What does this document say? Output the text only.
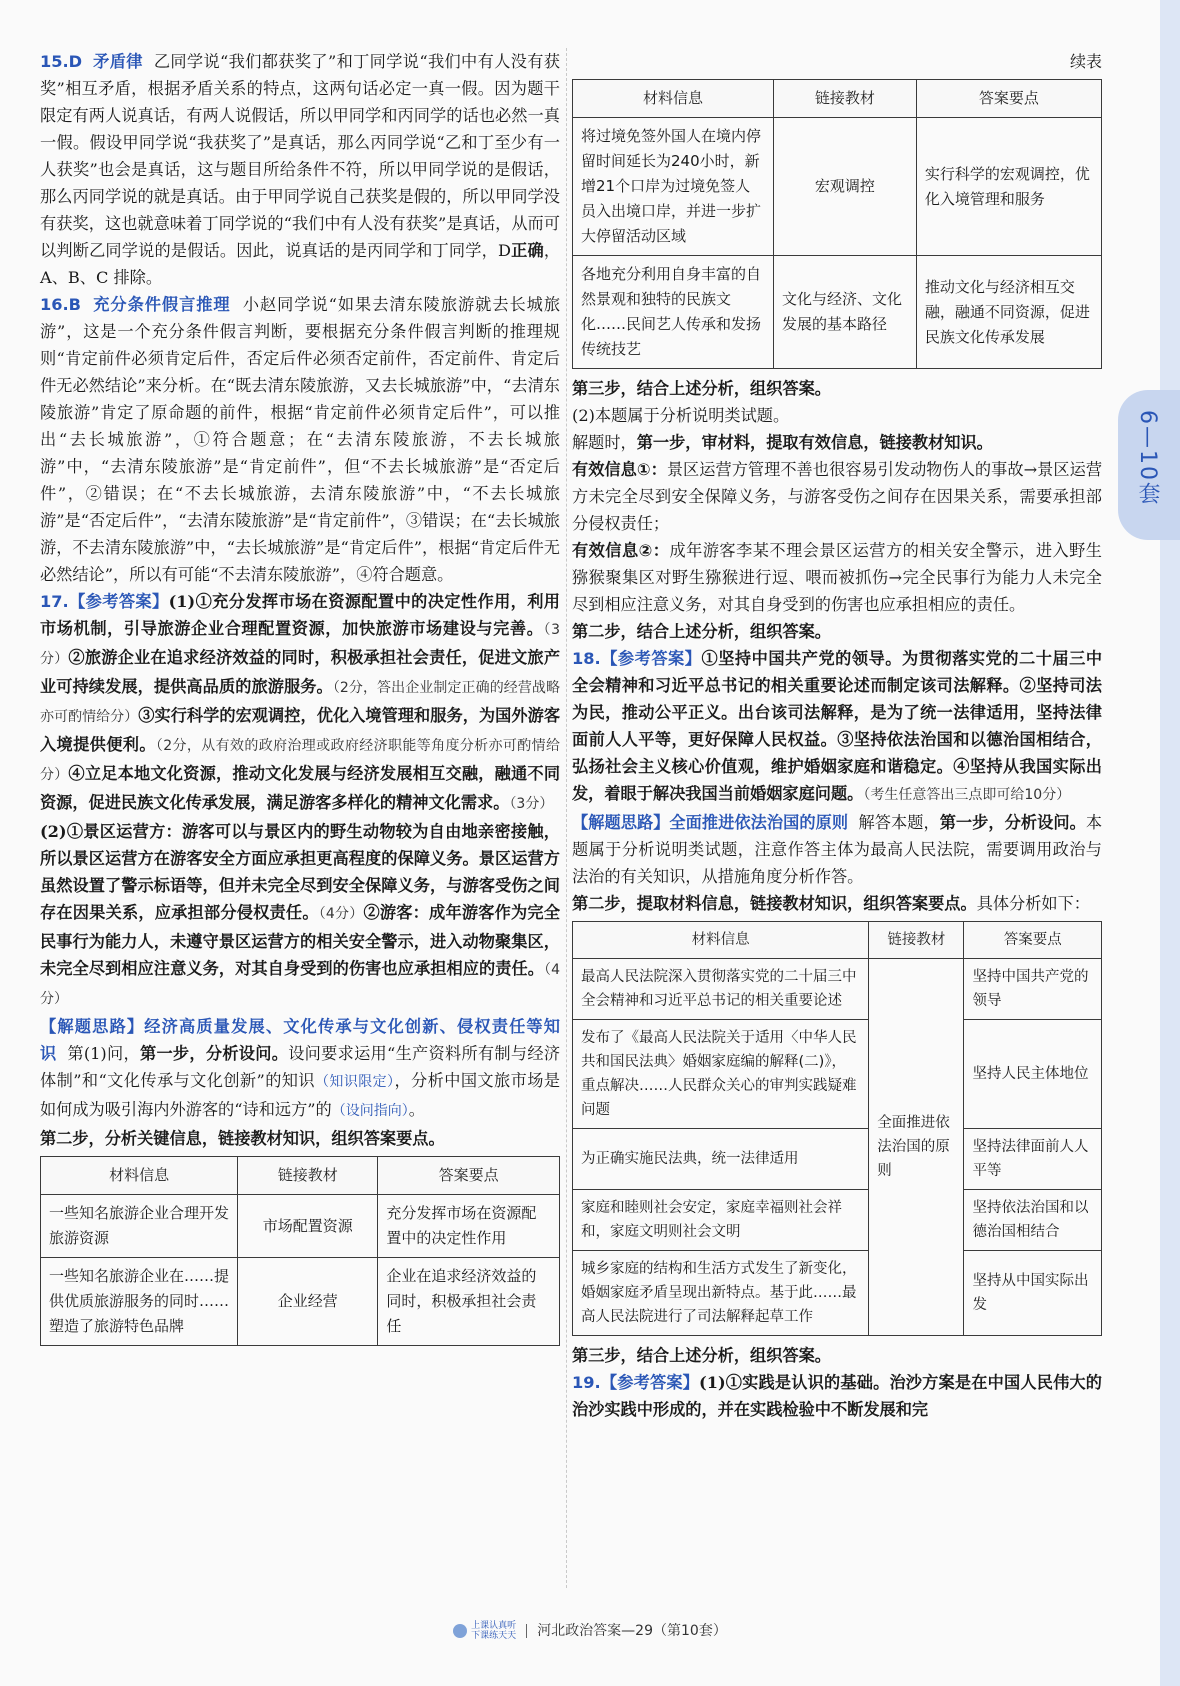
6—10套

15.D 矛盾律 乙同学说“我们都获奖了”和丁同学说“我们中有人没有获奖”相互矛盾，根据矛盾关系的特点，这两句话必定一真一假。因为题干限定有两人说真话，有两人说假话，所以甲同学和丙同学的话也必然一真一假。假设甲同学说“我获奖了”是真话，那么丙同学说“乙和丁至少有一人获奖”也会是真话，这与题目所给条件不符，所以甲同学说的是假话，那么丙同学说的就是真话。由于甲同学说自己获奖是假的，所以甲同学没有获奖，这也就意味着丁同学说的“我们中有人没有获奖”是真话，从而可以判断乙同学说的是假话。因此，说真话的是丙同学和丁同学，D正确，A、B、C 排除。

16.B 充分条件假言推理 小赵同学说“如果去清东陵旅游就去长城旅游”，这是一个充分条件假言判断，要根据充分条件假言判断的推理规则“肯定前件必须肯定后件，否定后件必须否定前件，否定前件、肯定后件无必然结论”来分析。在“既去清东陵旅游，又去长城旅游”中，“去清东陵旅游”肯定了原命题的前件，根据“肯定前件必须肯定后件”，可以推出“去长城旅游”，①符合题意；在“去清东陵旅游，不去长城旅游”中，“去清东陵旅游”是“肯定前件”，但“不去长城旅游”是“否定后件”，②错误；在“不去长城旅游，去清东陵旅游”中，“不去长城旅游”是“否定后件”，“去清东陵旅游”是“肯定前件”，③错误；在“去长城旅游，不去清东陵旅游”中，“去长城旅游”是“肯定后件”，根据“肯定后件无必然结论”，所以有可能“不去清东陵旅游”，④符合题意。

17.【参考答案】(1)①充分发挥市场在资源配置中的决定性作用，利用市场机制，引导旅游企业合理配置资源，加快旅游市场建设与完善。（3分）②旅游企业在追求经济效益的同时，积极承担社会责任，促进文旅产业可持续发展，提供高品质的旅游服务。（2分，答出企业制定正确的经营战略亦可酌情给分）③实行科学的宏观调控，优化入境管理和服务，为国外游客入境提供便利。（2分，从有效的政府治理或政府经济职能等角度分析亦可酌情给分）④立足本地文化资源，推动文化发展与经济发展相互交融，融通不同资源，促进民族文化传承发展，满足游客多样化的精神文化需求。（3分）

(2)①景区运营方：游客可以与景区内的野生动物较为自由地亲密接触，所以景区运营方在游客安全方面应承担更高程度的保障义务。景区运营方虽然设置了警示标语等，但并未完全尽到安全保障义务，与游客受伤之间存在因果关系，应承担部分侵权责任。（4分）②游客：成年游客作为完全民事行为能力人，未遵守景区运营方的相关安全警示，进入动物聚集区，未完全尽到相应注意义务，对其自身受到的伤害也应承担相应的责任。（4分）

【解题思路】经济高质量发展、文化传承与文化创新、侵权责任等知识 第(1)问，第一步，分析设问。设问要求运用“生产资料所有制与经济体制”和“文化传承与文化创新”的知识（知识限定），分析中国文旅市场是如何成为吸引海内外游客的“诗和远方”的（设问指向）。

第二步，分析关键信息，链接教材知识，组织答案要点。

材料信息	链接教材	答案要点
一些知名旅游企业合理开发旅游资源	市场配置资源	充分发挥市场在资源配置中的决定性作用
一些知名旅游企业在……提供优质旅游服务的同时……塑造了旅游特色品牌	企业经营	企业在追求经济效益的同时，积极承担社会责任

续表

材料信息	链接教材	答案要点
将过境免签外国人在境内停留时间延长为240小时，新增21个口岸为过境免签人员入出境口岸，并进一步扩大停留活动区域	宏观调控	实行科学的宏观调控，优化入境管理和服务
各地充分利用自身丰富的自然景观和独特的民族文化……民间艺人传承和发扬传统技艺	文化与经济、文化发展的基本路径	推动文化与经济相互交融，融通不同资源，促进民族文化传承发展

第三步，结合上述分析，组织答案。

(2)本题属于分析说明类试题。

解题时，第一步，审材料，提取有效信息，链接教材知识。

有效信息①：景区运营方管理不善也很容易引发动物伤人的事故→景区运营方未完全尽到安全保障义务，与游客受伤之间存在因果关系，需要承担部分侵权责任；

有效信息②：成年游客李某不理会景区运营方的相关安全警示，进入野生猕猴聚集区对野生猕猴进行逗、喂而被抓伤→完全民事行为能力人未完全尽到相应注意义务，对其自身受到的伤害也应承担相应的责任。

第二步，结合上述分析，组织答案。

18.【参考答案】①坚持中国共产党的领导。为贯彻落实党的二十届三中全会精神和习近平总书记的相关重要论述而制定该司法解释。②坚持司法为民，推动公平正义。出台该司法解释，是为了统一法律适用，坚持法律面前人人平等，更好保障人民权益。③坚持依法治国和以德治国相结合，弘扬社会主义核心价值观，维护婚姻家庭和谐稳定。④坚持从我国实际出发，着眼于解决我国当前婚姻家庭问题。（考生任意答出三点即可给10分）

【解题思路】全面推进依法治国的原则 解答本题，第一步，分析设问。本题属于分析说明类试题，注意作答主体为最高人民法院，需要调用政治与法治的有关知识，从措施角度分析作答。

第二步，提取材料信息，链接教材知识，组织答案要点。具体分析如下：

材料信息	链接教材	答案要点
最高人民法院深入贯彻落实党的二十届三中全会精神和习近平总书记的相关重要论述	全面推进依法治国的原则	坚持中国共产党的领导
发布了《最高人民法院关于适用〈中华人民共和国民法典〉婚姻家庭编的解释(二)》，重点解决……人民群众关心的审判实践疑难问题		坚持人民主体地位
为正确实施民法典，统一法律适用		坚持法律面前人人平等
家庭和睦则社会安定，家庭幸福则社会祥和，家庭文明则社会文明		坚持依法治国和以德治国相结合
城乡家庭的结构和生活方式发生了新变化，婚姻家庭矛盾呈现出新特点。基于此……最高人民法院进行了司法解释起草工作		坚持从中国实际出发

第三步，结合上述分析，组织答案。

19.【参考答案】(1)①实践是认识的基础。治沙方案是在中国人民伟大的治沙实践中形成的，并在实践检验中不断发展和完

上课认真听
下课练天天 河北政治答案—29（第10套）
